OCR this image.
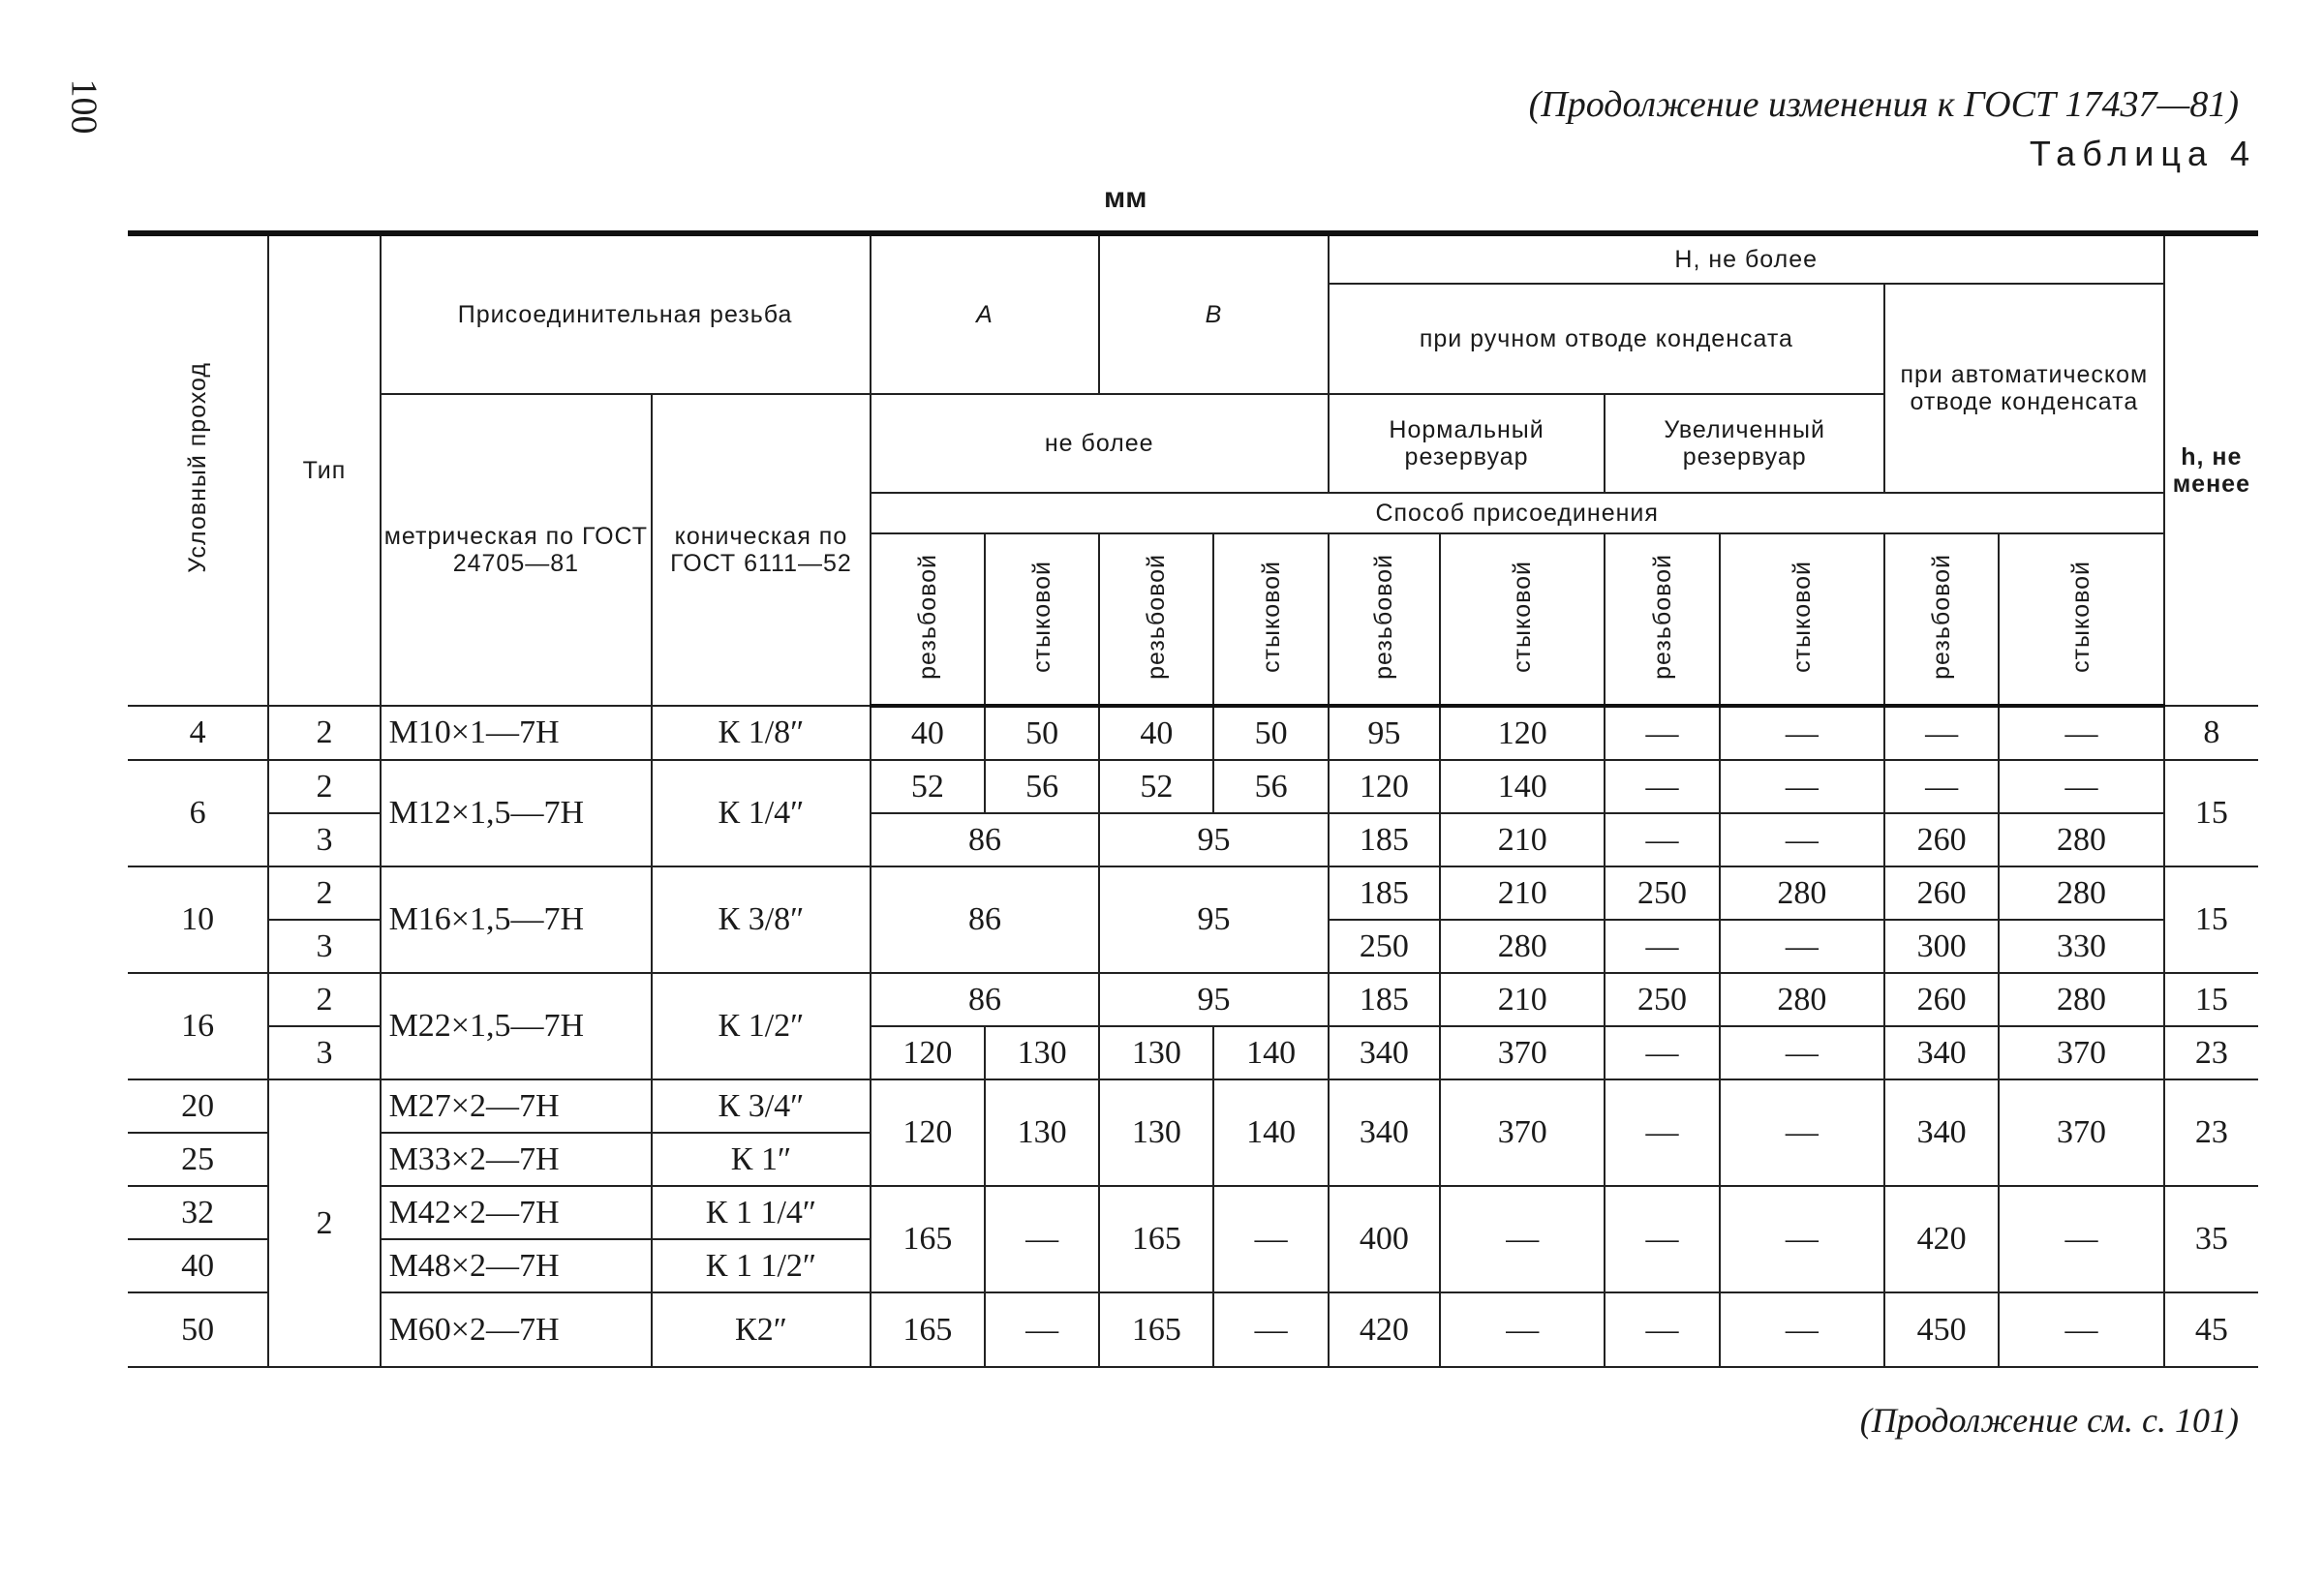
100	(Продолжение изменения к ГОСТ 17437—81)
Таблица 4
мм
Условный проход	Тип	Присоединительная резьба		A		B		H, не более						h, не менее
								при ручном отводе конденсата				при автоматическом отводе конденсата		
		метрическая по ГОСТ 24705—81	коническая по ГОСТ 6111—52	не более				Нормальный резервуар		Увеличенный резервуар				
				Способ присоединения										
				резьбовой	стыковой	резьбовой	стыковой	резьбовой	стыковой	резьбовой	стыковой	резьбовой	стыковой	
4	2	M10×1—7H	К 1/8″	40	50	40	50	95	120	—	—	—	—	8
6	2	M12×1,5—7H	К 1/4″	52	56	52	56	120	140	—	—	—	—	15
	3			86		95		185	210	—	—	260	280	
10	2	M16×1,5—7H	К 3/8″	86		95		185	210	250	280	260	280	15
	3							250	280	—	—	300	330	
16	2	M22×1,5—7H	К 1/2″	86		95		185	210	250	280	260	280	15
	3			120	130	130	140	340	370	—	—	340	370	23
20	2	M27×2—7H	К 3/4″	120	130	130	140	340	370	—	—	340	370	23
25		M33×2—7H	К 1″											
32		M42×2—7H	К 1 1/4″	165	—	165	—	400	—	—	—	420	—	35
40		M48×2—7H	К 1 1/2″											
50		M60×2—7H	К2″	165	—	165	—	420	—	—	—	450	—	45
(Продолжение см. с. 101)
